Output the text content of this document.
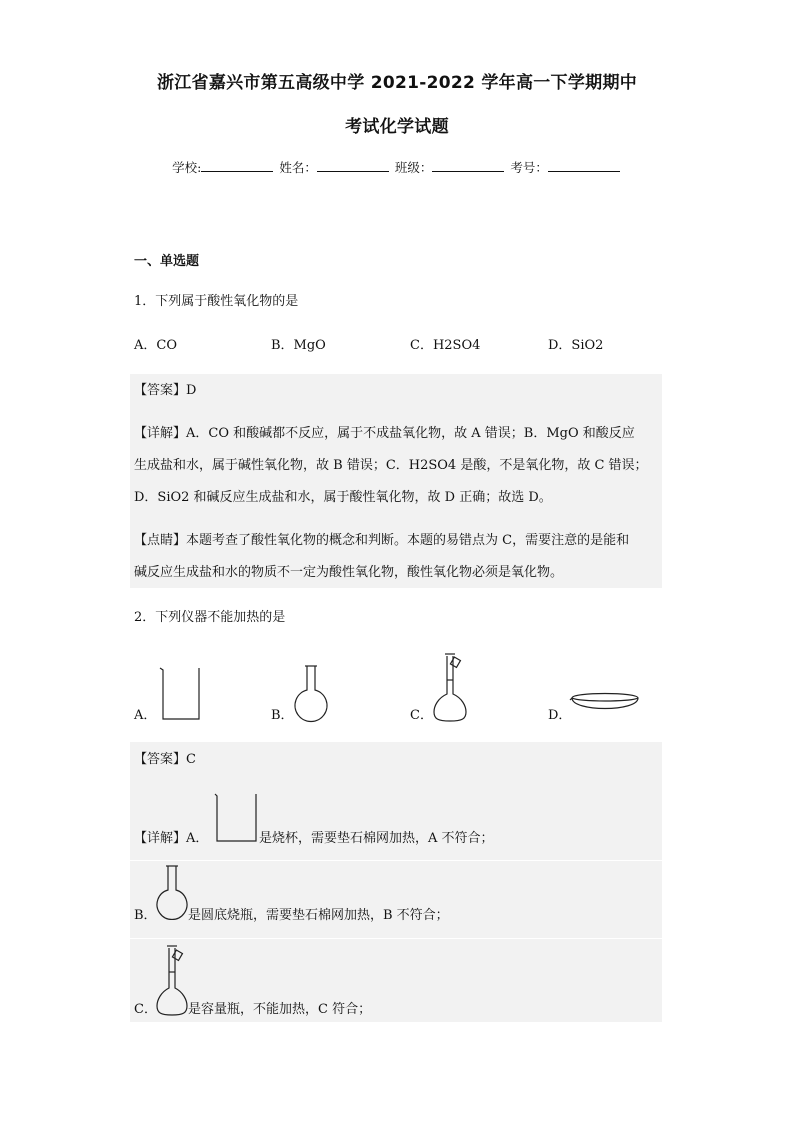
浙江省嘉兴市第五高级中学 2021-2022 学年高一下学期期中
考试化学试题
学校:	姓名：	班级：	考号：
一、单选题
1．下列属于酸性氧化物的是
A．CO	B．MgO	C．H2SO4	D．SiO2
【答案】D
【详解】A．CO 和酸碱都不反应，属于不成盐氧化物，故 A 错误；B．MgO 和酸反应
生成盐和水，属于碱性氧化物，故 B 错误；C．H2SO4 是酸，不是氧化物，故 C 错误；
D．SiO2 和碱反应生成盐和水，属于酸性氧化物，故 D 正确；故选 D。
【点睛】本题考查了酸性氧化物的概念和判断。本题的易错点为 C，需要注意的是能和
碱反应生成盐和水的物质不一定为酸性氧化物，酸性氧化物必须是氧化物。
2．下列仪器不能加热的是
A．	B．	C．	D．
【答案】C
【详解】A．	是烧杯，需要垫石棉网加热，A 不符合；
B． 是圆底烧瓶，需要垫石棉网加热，B 不符合；
C． 是容量瓶，不能加热，C 符合；
